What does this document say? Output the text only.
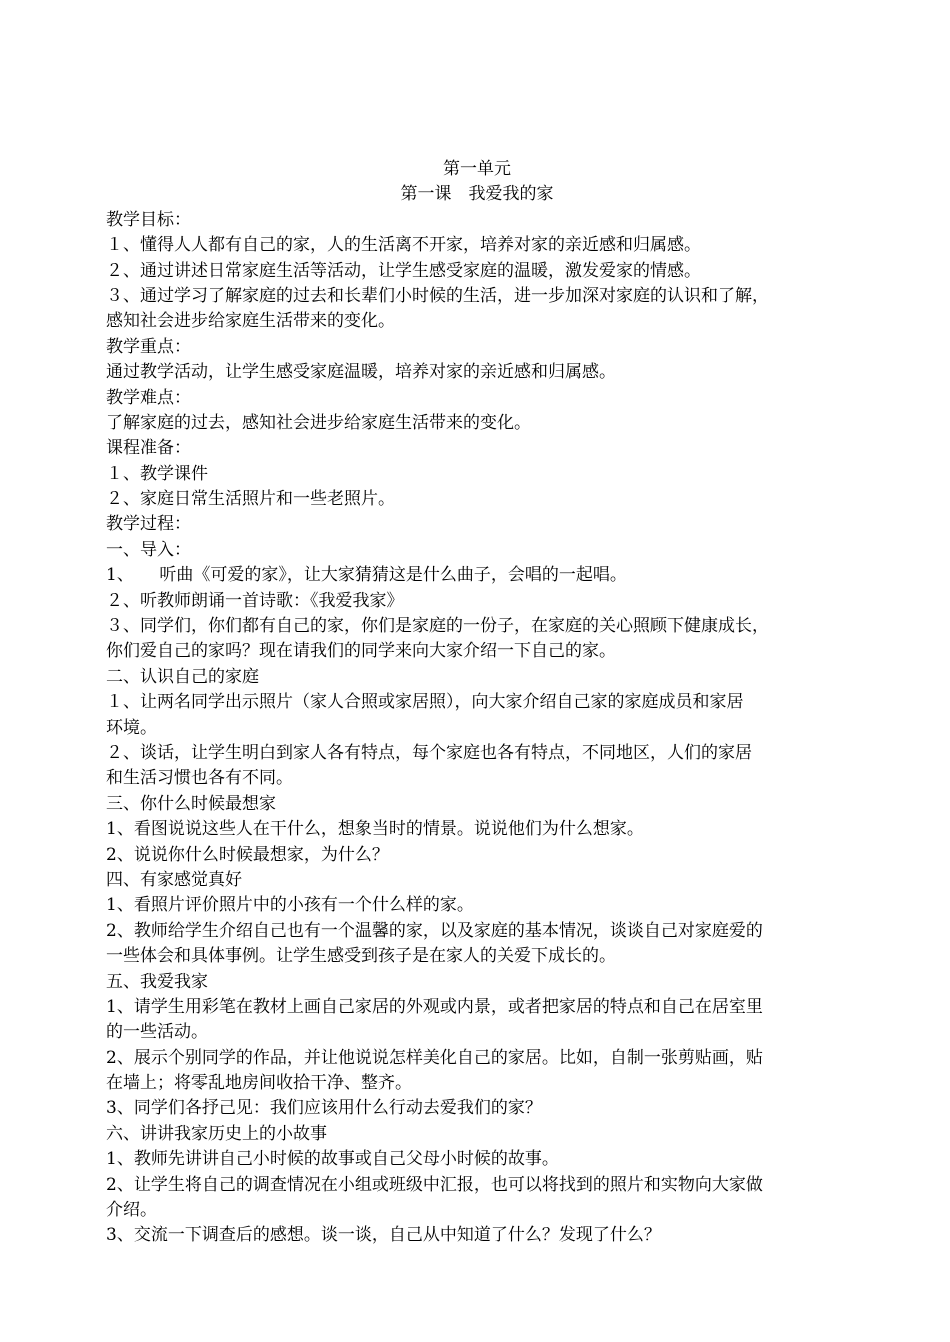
第一单元
第一课　我爱我的家
教学目标：
１、懂得人人都有自己的家，人的生活离不开家，培养对家的亲近感和归属感。
２、通过讲述日常家庭生活等活动，让学生感受家庭的温暖，激发爱家的情感。
３、通过学习了解家庭的过去和长辈们小时候的生活，进一步加深对家庭的认识和了解，
感知社会进步给家庭生活带来的变化。
教学重点：
通过教学活动，让学生感受家庭温暖，培养对家的亲近感和归属感。
教学难点：
了解家庭的过去，感知社会进步给家庭生活带来的变化。
课程准备：
１、教学课件
２、家庭日常生活照片和一些老照片。
教学过程：
一、导入：
1、　　听曲《可爱的家》，让大家猜猜这是什么曲子，会唱的一起唱。
２、听教师朗诵一首诗歌：《我爱我家》
３、同学们，你们都有自己的家，你们是家庭的一份子，在家庭的关心照顾下健康成长，
你们爱自己的家吗？现在请我们的同学来向大家介绍一下自己的家。
二、认识自己的家庭
１、让两名同学出示照片（家人合照或家居照），向大家介绍自己家的家庭成员和家居
环境。
２、谈话，让学生明白到家人各有特点，每个家庭也各有特点，不同地区，人们的家居
和生活习惯也各有不同。
三、你什么时候最想家
1、看图说说这些人在干什么，想象当时的情景。说说他们为什么想家。
2、说说你什么时候最想家，为什么？
四、有家感觉真好
1、看照片评价照片中的小孩有一个什么样的家。
2、教师给学生介绍自己也有一个温馨的家，以及家庭的基本情况，谈谈自己对家庭爱的
一些体会和具体事例。让学生感受到孩子是在家人的关爱下成长的。
五、我爱我家
1、请学生用彩笔在教材上画自己家居的外观或内景，或者把家居的特点和自己在居室里
的一些活动。
2、展示个别同学的作品，并让他说说怎样美化自己的家居。比如，自制一张剪贴画，贴
在墙上；将零乱地房间收拾干净、整齐。
3、同学们各抒己见：我们应该用什么行动去爱我们的家？
六、讲讲我家历史上的小故事
1、教师先讲讲自己小时候的故事或自己父母小时候的故事。
2、让学生将自己的调查情况在小组或班级中汇报，也可以将找到的照片和实物向大家做
介绍。
3、交流一下调查后的感想。谈一谈，自己从中知道了什么？发现了什么？
